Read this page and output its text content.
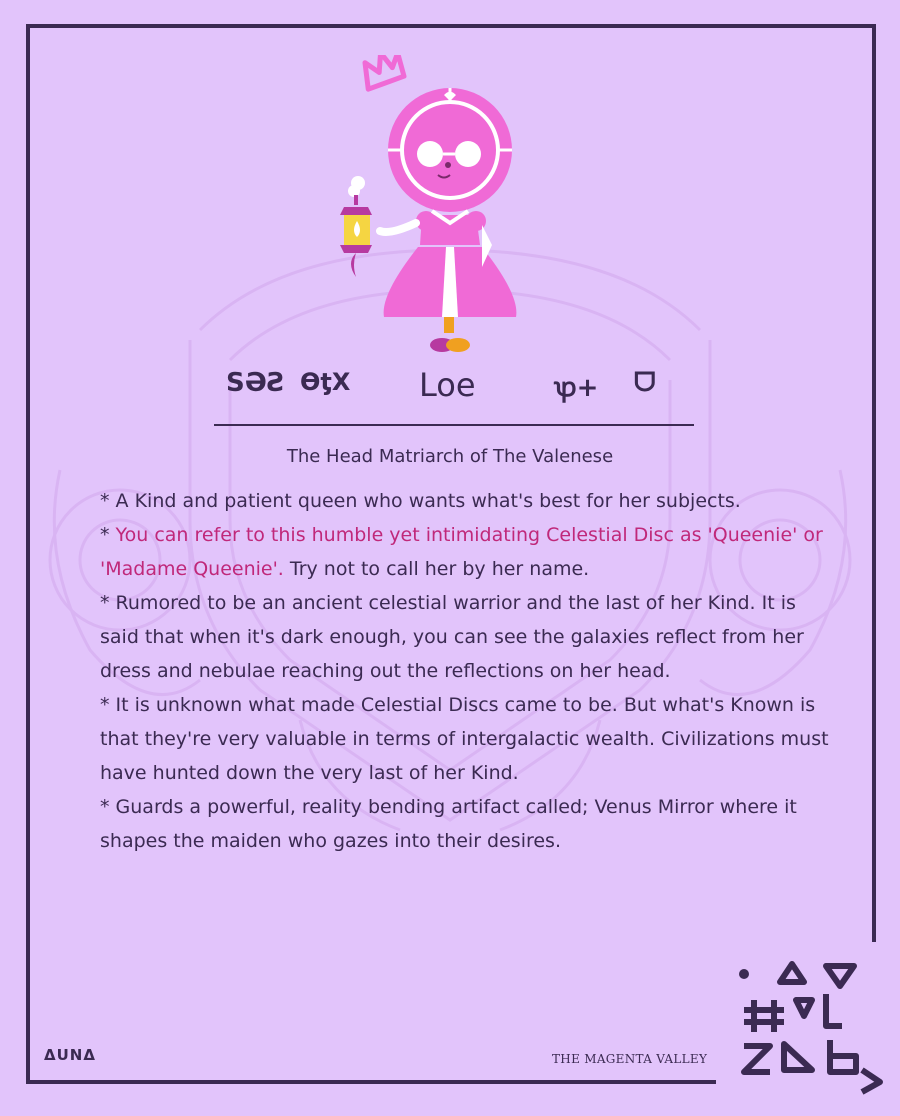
SƏƧ ƟƫX Loe	ꝕ+ ᗜ
The Head Matriarch of The Valenese

* A Kind and patient queen who wants what's best for her subjects.

* You can refer to this humble yet intimidating Celestial Disc as 'Queenie' or 'Madame Queenie'. Try not to call her by her name.

* Rumored to be an ancient celestial warrior and the last of her Kind. It is said that when it's dark enough, you can see the galaxies reflect from her dress and nebulae reaching out the reflections on her head.

* It is unknown what made Celestial Discs came to be. But what's Known is that they're very valuable in terms of intergalactic wealth. Civilizations must have hunted down the very last of her Kind.

* Guards a powerful, reality bending artifact called; Venus Mirror where it shapes the maiden who gazes into their desires.

ΔUNΔ	THE MAGENTA VALLEY
